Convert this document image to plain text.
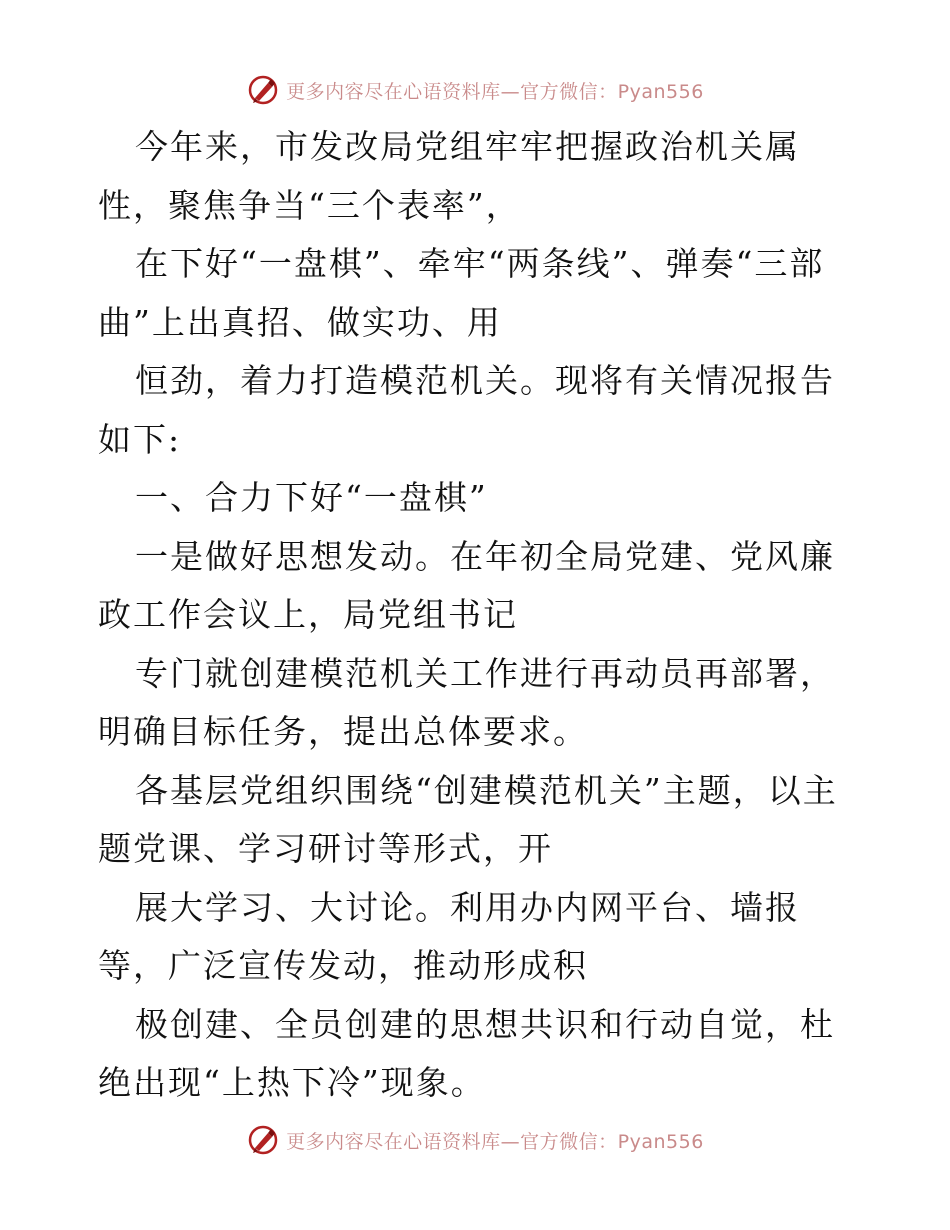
更多内容尽在心语资料库—官方微信：Pyan556

今年来，市发改局党组牢牢把握政治机关属性，聚焦争当“三个表率”，

在下好“一盘棋”、牵牢“两条线”、弹奏“三部曲”上出真招、做实功、用

恒劲，着力打造模范机关。现将有关情况报告如下:

一、合力下好“一盘棋”

一是做好思想发动。在年初全局党建、党风廉政工作会议上，局党组书记

专门就创建模范机关工作进行再动员再部署，明确目标任务，提出总体要求。

各基层党组织围绕“创建模范机关”主题，以主题党课、学习研讨等形式，开

展大学习、大讨论。利用办内网平台、墙报等，广泛宣传发动，推动形成积

极创建、全员创建的思想共识和行动自觉，杜绝出现“上热下冷”现象。

更多内容尽在心语资料库—官方微信：Pyan556
